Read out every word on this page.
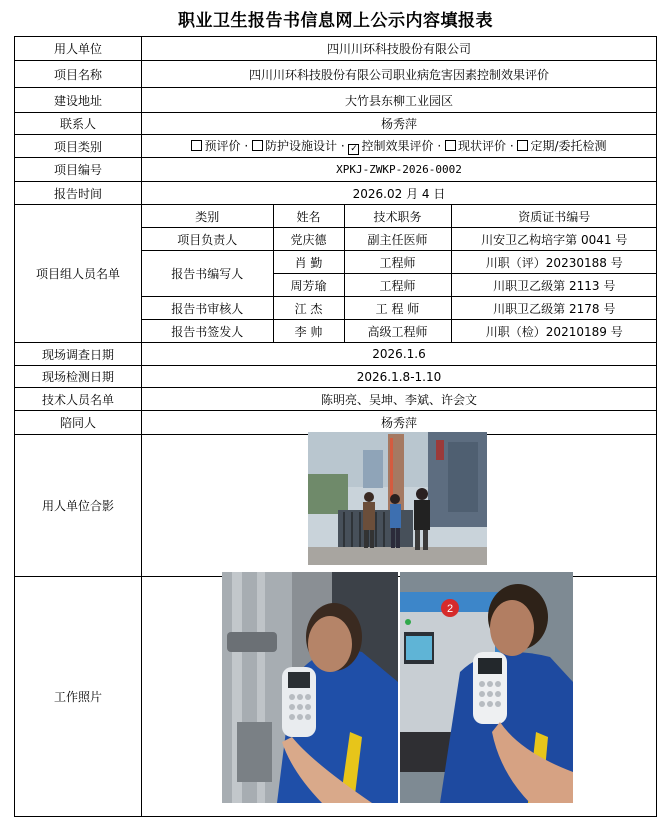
职业卫生报告书信息网上公示内容填报表
用人单位	四川川环科技股份有限公司
项目名称	四川川环科技股份有限公司职业病危害因素控制效果评价
建设地址	大竹县东柳工业园区
联系人	杨秀萍
项目类别	预评价 · 防护设施设计 · ✓ 控制效果评价 · 现状评价 · 定期/委托检测
项目编号	XPKJ-ZWKP-2026-0002
报告时间	2026.02 月 4 日
项目组人员名单	
类别	姓名	技术职务	资质证书编号
项目负责人	党庆德	副主任医师	川安卫乙构培字第 0041 号
报告书编写人	肖 勤	工程师	川职（评）20230188 号
周芳瑜	工程师	川职卫乙级第 2113 号
报告书审核人	江 杰	工 程 师	川职卫乙级第 2178 号
报告书签发人	李 帅	高级工程师	川职（检）20210189 号

现场调查日期	2026.1.6
现场检测日期	2026.1.8-1.10
技术人员名单	陈明亮、吴坤、李斌、许会文
陪同人	杨秀萍
用人单位合影	
工作照片	
2
